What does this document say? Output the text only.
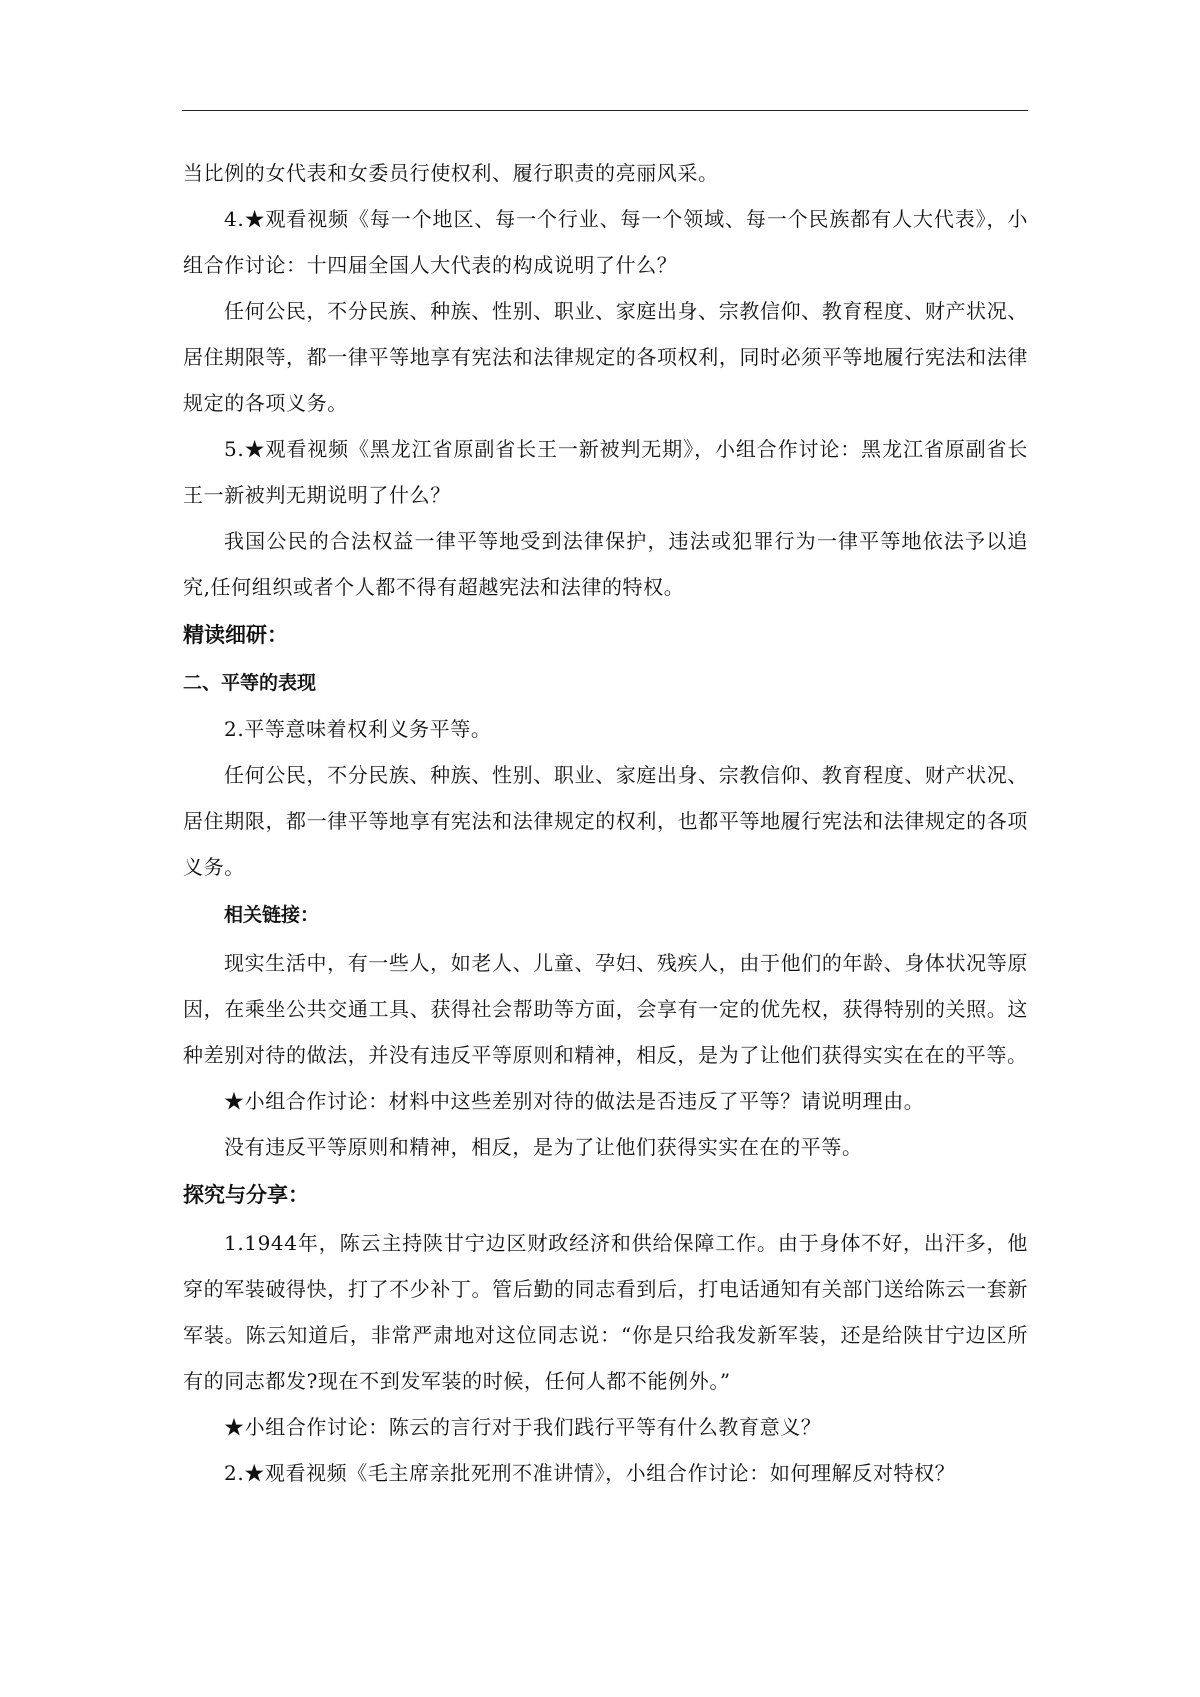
当比例的女代表和女委员行使权利、履行职责的亮丽风采。

4.★观看视频《每一个地区、每一个行业、每一个领域、每一个民族都有人大代表》，小组合作讨论：十四届全国人大代表的构成说明了什么？

任何公民，不分民族、种族、性别、职业、家庭出身、宗教信仰、教育程度、财产状况、居住期限等，都一律平等地享有宪法和法律规定的各项权利，同时必须平等地履行宪法和法律规定的各项义务。

5.★观看视频《黑龙江省原副省长王一新被判无期》，小组合作讨论：黑龙江省原副省长王一新被判无期说明了什么？

我国公民的合法权益一律平等地受到法律保护，违法或犯罪行为一律平等地依法予以追究,任何组织或者个人都不得有超越宪法和法律的特权。

精读细研：

二、平等的表现

2.平等意味着权利义务平等。

任何公民，不分民族、种族、性别、职业、家庭出身、宗教信仰、教育程度、财产状况、居住期限，都一律平等地享有宪法和法律规定的权利，也都平等地履行宪法和法律规定的各项义务。

相关链接：

现实生活中，有一些人，如老人、儿童、孕妇、残疾人，由于他们的年龄、身体状况等原因，在乘坐公共交通工具、获得社会帮助等方面，会享有一定的优先权，获得特别的关照。这种差别对待的做法，并没有违反平等原则和精神，相反，是为了让他们获得实实在在的平等。

★小组合作讨论：材料中这些差别对待的做法是否违反了平等？请说明理由。

没有违反平等原则和精神，相反，是为了让他们获得实实在在的平等。

探究与分享：

1.1944年，陈云主持陕甘宁边区财政经济和供给保障工作。由于身体不好，出汗多，他穿的军装破得快，打了不少补丁。管后勤的同志看到后，打电话通知有关部门送给陈云一套新军装。陈云知道后，非常严肃地对这位同志说：“你是只给我发新军装，还是给陕甘宁边区所有的同志都发?现在不到发军装的时候，任何人都不能例外。”

★小组合作讨论：陈云的言行对于我们践行平等有什么教育意义？

2.★观看视频《毛主席亲批死刑不准讲情》，小组合作讨论：如何理解反对特权？
